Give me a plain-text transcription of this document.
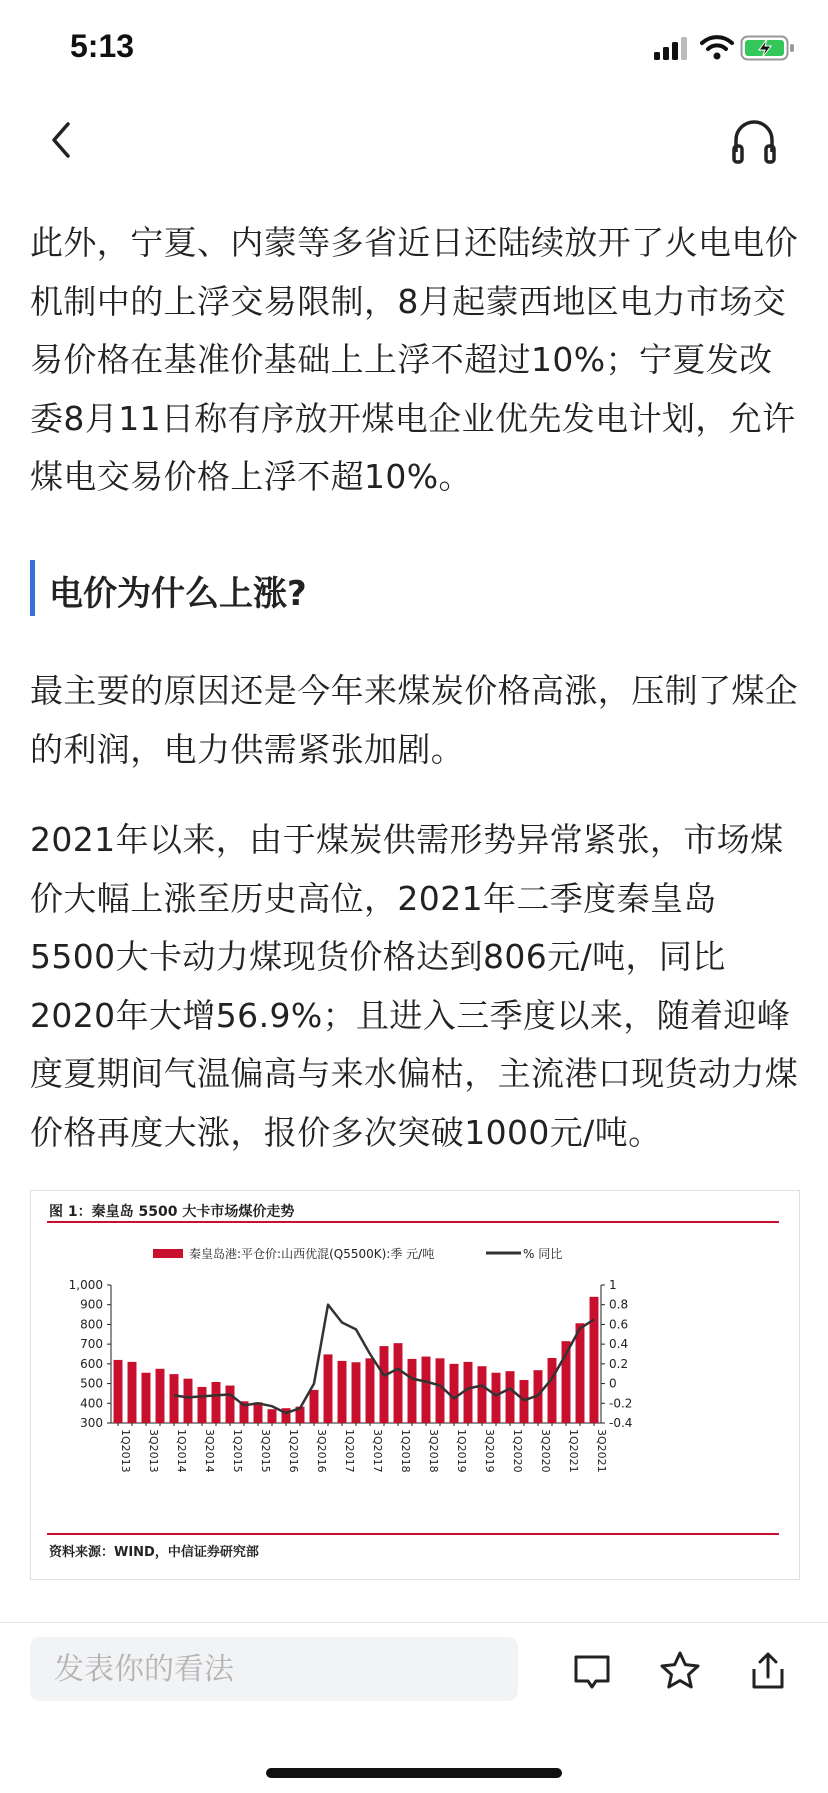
5:13

此外，宁夏、内蒙等多省近日还陆续放开了火电电价机制中的上浮交易限制，8月起蒙西地区电力市场交易价格在基准价基础上上浮不超过10%；宁夏发改委8月11日称有序放开煤电企业优先发电计划，允许煤电交易价格上浮不超10%。

电价为什么上涨?

最主要的原因还是今年来煤炭价格高涨，压制了煤企的利润，电力供需紧张加剧。

2021年以来，由于煤炭供需形势异常紧张，市场煤价大幅上涨至历史高位，2021年二季度秦皇岛5500大卡动力煤现货价格达到806元/吨，同比2020年大增56.9%；且进入三季度以来，随着迎峰度夏期间气温偏高与来水偏枯，主流港口现货动力煤价格再度大涨，报价多次突破1000元/吨。

图 1：秦皇岛 5500 大卡市场煤价走势
秦皇岛港:平仓价:山西优混(Q5500K):季 元/吨	% 同比
300
400
500
600
700
800
900
1,000
-0.4
-0.2
0
0.2
0.4
0.6
0.8
1
1Q2013 3Q2013 1Q2014 3Q2014 1Q2015 3Q2015 1Q2016 3Q2016 1Q2017 3Q2017 1Q2018 3Q2018 1Q2019 3Q2019 1Q2020 3Q2020 1Q2021 3Q2021
资料来源：WIND，中信证券研究部
发表你的看法
